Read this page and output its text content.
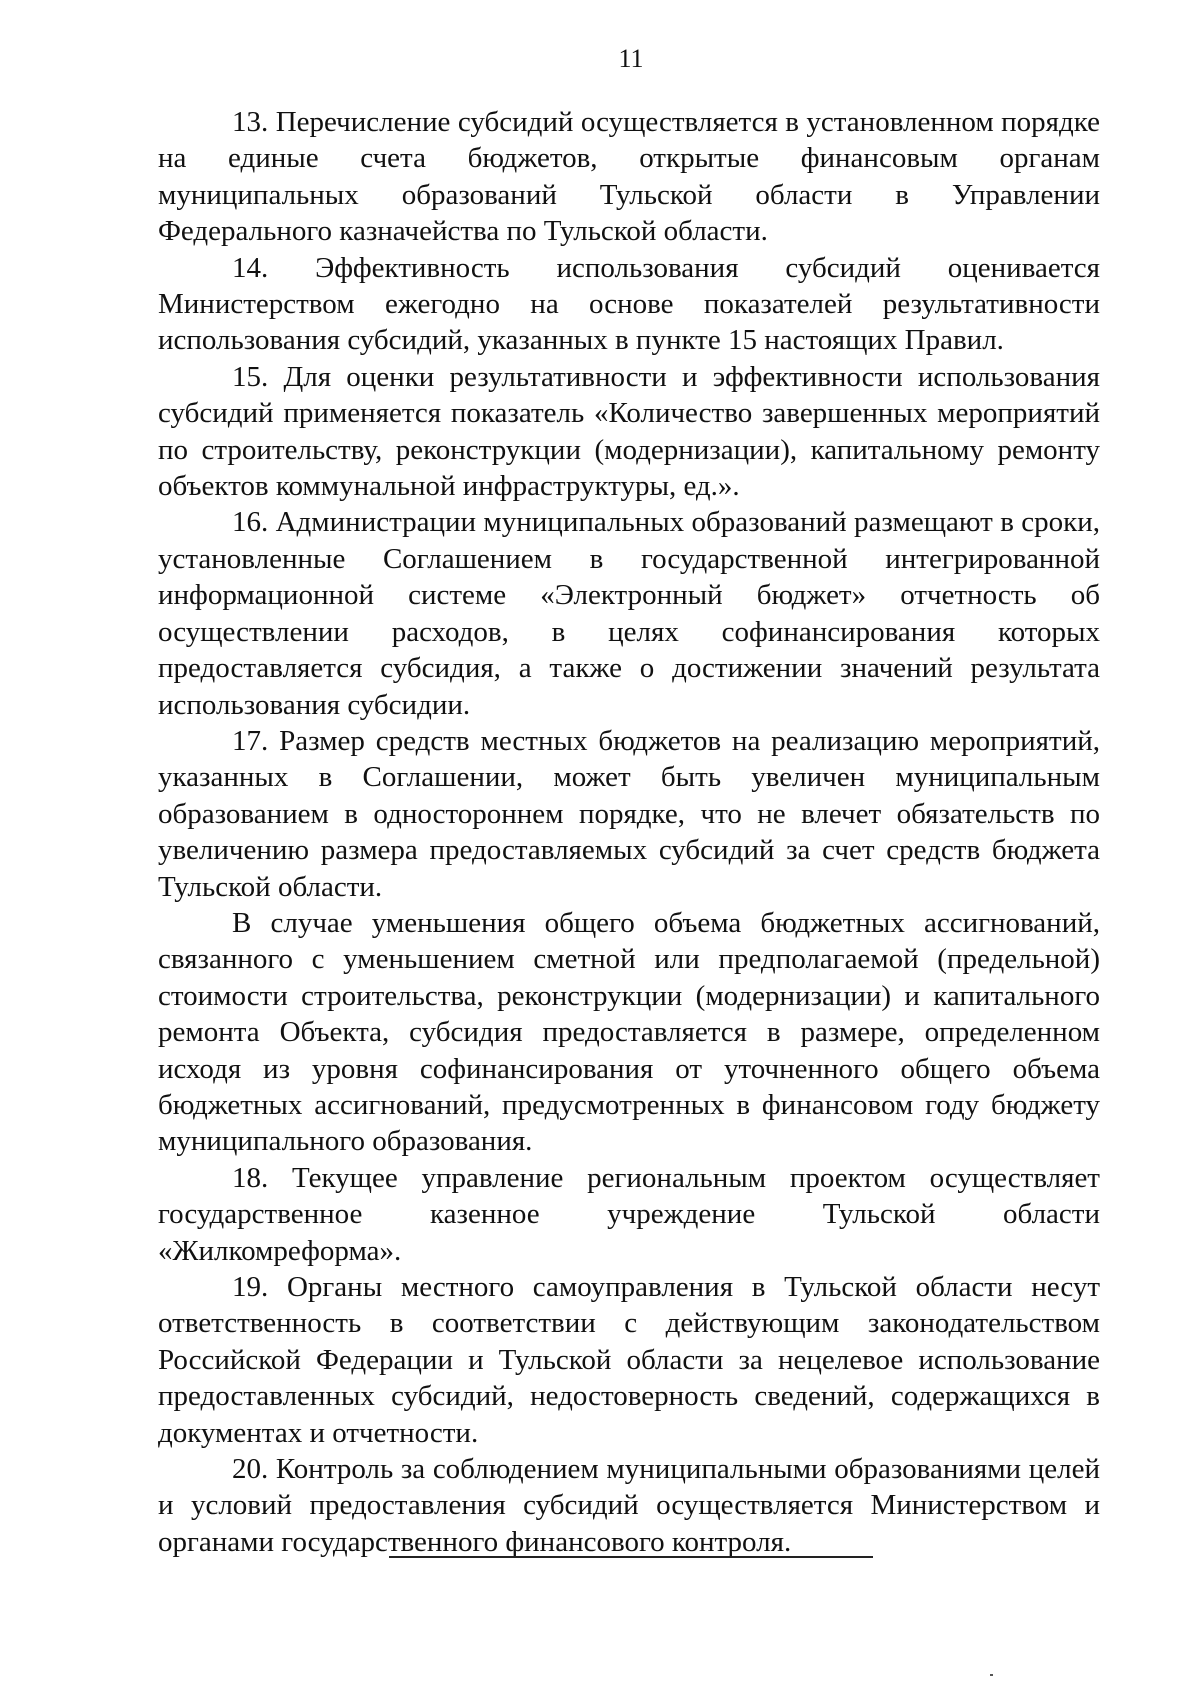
11

13. Перечисление субсидий осуществляется в установленном порядке на единые счета бюджетов, открытые финансовым органам муниципальных образований Тульской области в Управлении Федерального казначейства по Тульской области.

14. Эффективность использования субсидий оценивается Министерством ежегодно на основе показателей результативности использования субсидий, указанных в пункте 15 настоящих Правил.

15. Для оценки результативности и эффективности использования субсидий применяется показатель «Количество завершенных мероприятий по строительству, реконструкции (модернизации), капитальному ремонту объектов коммунальной инфраструктуры, ед.».

16. Администрации муниципальных образований размещают в сроки, установленные Соглашением в государственной интегрированной информационной системе «Электронный бюджет» отчетность об осуществлении расходов, в целях софинансирования которых предоставляется субсидия, а также о достижении значений результата использования субсидии.

17. Размер средств местных бюджетов на реализацию мероприятий, указанных в Соглашении, может быть увеличен муниципальным образованием в одностороннем порядке, что не влечет обязательств по увеличению размера предоставляемых субсидий за счет средств бюджета Тульской области.

В случае уменьшения общего объема бюджетных ассигнований, связанного с уменьшением сметной или предполагаемой (предельной) стоимости строительства, реконструкции (модернизации) и капитального ремонта Объекта, субсидия предоставляется в размере, определенном исходя из уровня софинансирования от уточненного общего объема бюджетных ассигнований, предусмотренных в финансовом году бюджету муниципального образования.

18. Текущее управление региональным проектом осуществляет государственное казенное учреждение Тульской области «Жилкомреформа».

19. Органы местного самоуправления в Тульской области несут ответственность в соответствии с действующим законодательством Российской Федерации и Тульской области за нецелевое использование предоставленных субсидий, недостоверность сведений, содержащихся в документах и отчетности.

20. Контроль за соблюдением муниципальными образованиями целей и условий предоставления субсидий осуществляется Министерством и органами государственного финансового контроля.
